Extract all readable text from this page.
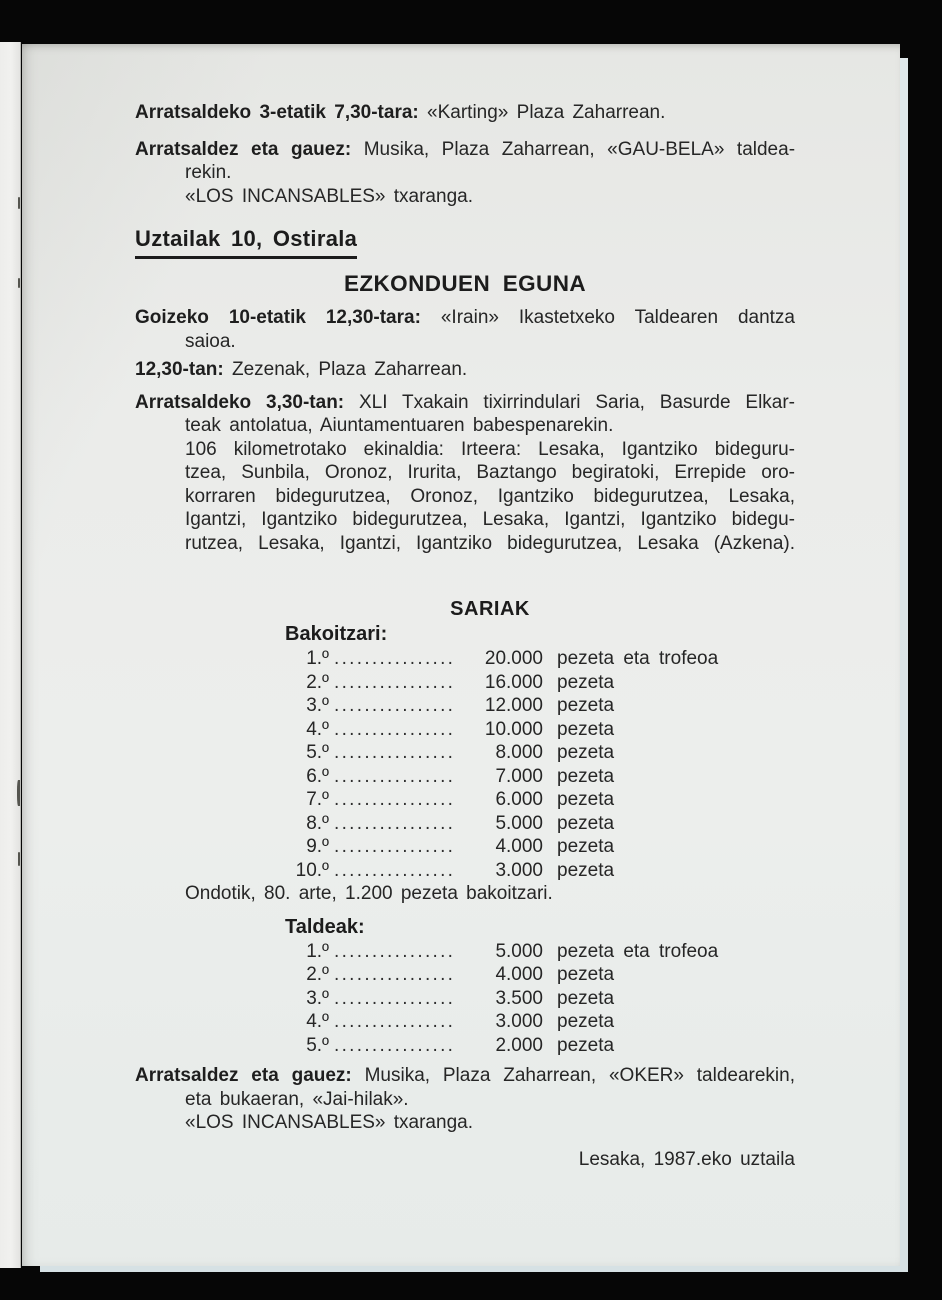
Arratsaldeko 3-etatik 7,30-tara: «Karting» Plaza Zaharrean.
Arratsaldez eta gauez: Musika, Plaza Zaharrean, «GAU-BELA» taldea-
rekin.
«LOS INCANSABLES» txaranga.
Uztailak 10, Ostirala
EZKONDUEN EGUNA
Goizeko 10-etatik 12,30-tara: «Irain» Ikastetxeko Taldearen dantza
saioa.
12,30-tan: Zezenak, Plaza Zaharrean.
Arratsaldeko 3,30-tan: XLI Txakain tixirrindulari Saria, Basurde Elkar-
teak antolatua, Aiuntamentuaren babespenarekin.
106 kilometrotako ekinaldia: Irteera: Lesaka, Igantziko bideguru-
tzea, Sunbila, Oronoz, Irurita, Baztango begiratoki, Errepide oro-
korraren bidegurutzea, Oronoz, Igantziko bidegurutzea, Lesaka,
Igantzi, Igantziko bidegurutzea, Lesaka, Igantzi, Igantziko bidegu-
rutzea, Lesaka, Igantzi, Igantziko bidegurutzea, Lesaka (Azkena).
SARIAK
Bakoitzari:
1.º ................	20.000 pezeta eta trofeoa
2.º ................	16.000 pezeta
3.º ................	12.000 pezeta
4.º ................	10.000 pezeta
5.º ................	8.000 pezeta
6.º ................	7.000 pezeta
7.º ................	6.000 pezeta
8.º ................	5.000 pezeta
9.º ................	4.000 pezeta
10.º ................	3.000 pezeta
Ondotik, 80. arte, 1.200 pezeta bakoitzari.
Taldeak:
1.º ................	5.000 pezeta eta trofeoa
2.º ................	4.000 pezeta
3.º ................	3.500 pezeta
4.º ................	3.000 pezeta
5.º ................	2.000 pezeta
Arratsaldez eta gauez: Musika, Plaza Zaharrean, «OKER» taldearekin,
eta bukaeran, «Jai-hilak».
«LOS INCANSABLES» txaranga.
Lesaka, 1987.eko uztaila
